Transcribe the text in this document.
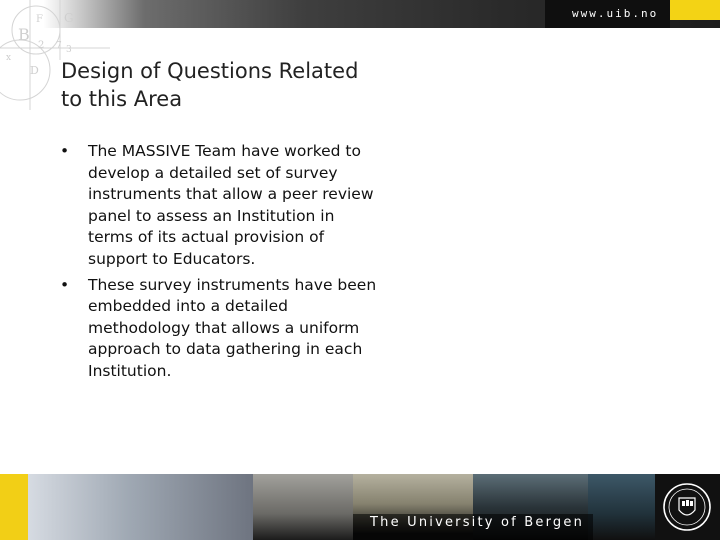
www.uib.no
B
F
7 3
2
D
x
G
Design of Questions Related
to this Area
• The MASSIVE Team have worked to
develop a detailed set of survey
instruments that allow a peer review
panel to assess an Institution in
terms of its actual provision of
support to Educators.
• These survey instruments have been
embedded into a detailed
methodology that allows a uniform
approach to data gathering in each
Institution.
The University of Bergen
